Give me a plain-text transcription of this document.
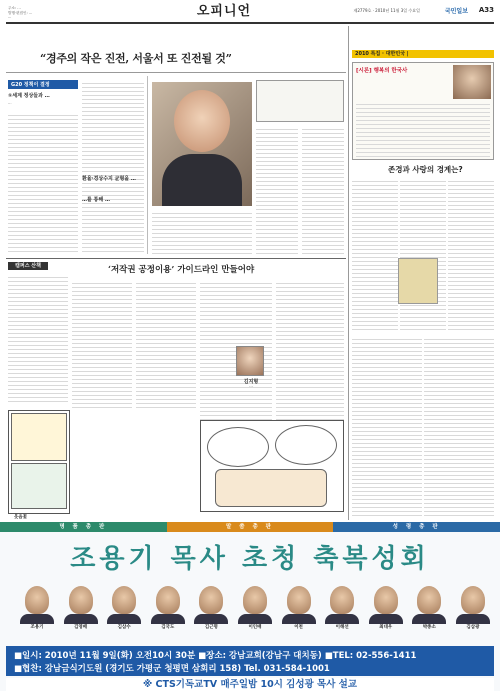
주소: ...
발행·편집인: ...
...	오피니언	제2779호 · 2010년 11월 3일 수요일	국민일보 A33
“경주의 작은 진전, 서울서 또 진전될 것”
G20 정책이 결정
①세계 정상들과 …
…
환율·경상수지 균형을 …
…를 통해 …
2010 특집 · 대한민국 |
[시론] 행복의 한국사
존경과 사랑의 경계는?
캠퍼스 산책	‘저작권 공정이용’ 가이드라인 만들어야
웃음꽃
김지형
…
명 품 총 판	말 씀 총 판	성 령 총 판
조용기 목사 초청 축복성회
조용기	김영배	김삼수	김국도	김근명	이인배	이천	이해선	최대우	박종소	김삼광
■일시: 2010년 11월 9일(화) 오전10시 30분 ■장소: 강남교회(강남구 대치동) ■TEL: 02-556-1411
■협찬: 강남금식기도원 (경기도 가평군 청평면 삼회리 158) Tel. 031-584-1001
※ CTS기독교TV 매주일밤 10시 김성광 목사 설교
